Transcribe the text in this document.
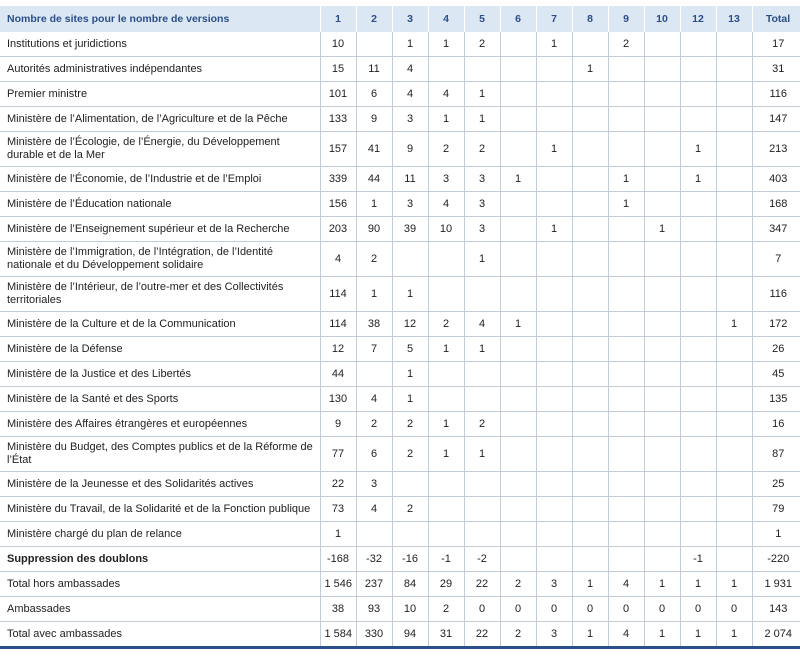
Nombre de sites pour le nombre de versions	1	2	3	4	5	6	7	8	9	10	12	13	Total
Institutions et juridictions	10		1	1	2		1		2				17
Autorités administratives indépendantes	15	11	4					1					31
Premier ministre	101	6	4	4	1								116
Ministère de l’Alimentation, de l’Agriculture et de la Pêche	133	9	3	1	1								147
Ministère de l’Écologie, de l’Énergie, du Développement durable et de la Mer	157	41	9	2	2		1				1		213
Ministère de l’Économie, de l’Industrie et de l’Emploi	339	44	11	3	3	1			1		1		403
Ministère de l’Éducation nationale	156	1	3	4	3				1				168
Ministère de l’Enseignement supérieur et de la Recherche	203	90	39	10	3		1			1			347
Ministère de l’Immigration, de l’Intégration, de l’Identité nationale et du Développement solidaire	4	2			1								7
Ministère de l’Intérieur, de l’outre-mer et des Collectivités territoriales	114	1	1										116
Ministère de la Culture et de la Communication	114	38	12	2	4	1						1	172
Ministère de la Défense	12	7	5	1	1								26
Ministère de la Justice et des Libertés	44		1										45
Ministère de la Santé et des Sports	130	4	1										135
Ministère des Affaires étrangères et européennes	9	2	2	1	2								16
Ministère du Budget, des Comptes publics et de la Réforme de l’État	77	6	2	1	1								87
Ministère de la Jeunesse et des Solidarités actives	22	3											25
Ministère du Travail, de la Solidarité et de la Fonction publique	73	4	2										79
Ministère chargé du plan de relance	1												1
Suppression des doublons	-168	-32	-16	-1	-2						-1		-220
Total hors ambassades	1 546	237	84	29	22	2	3	1	4	1	1	1	1 931
Ambassades	38	93	10	2	0	0	0	0	0	0	0	0	143
Total avec ambassades	1 584	330	94	31	22	2	3	1	4	1	1	1	2 074
